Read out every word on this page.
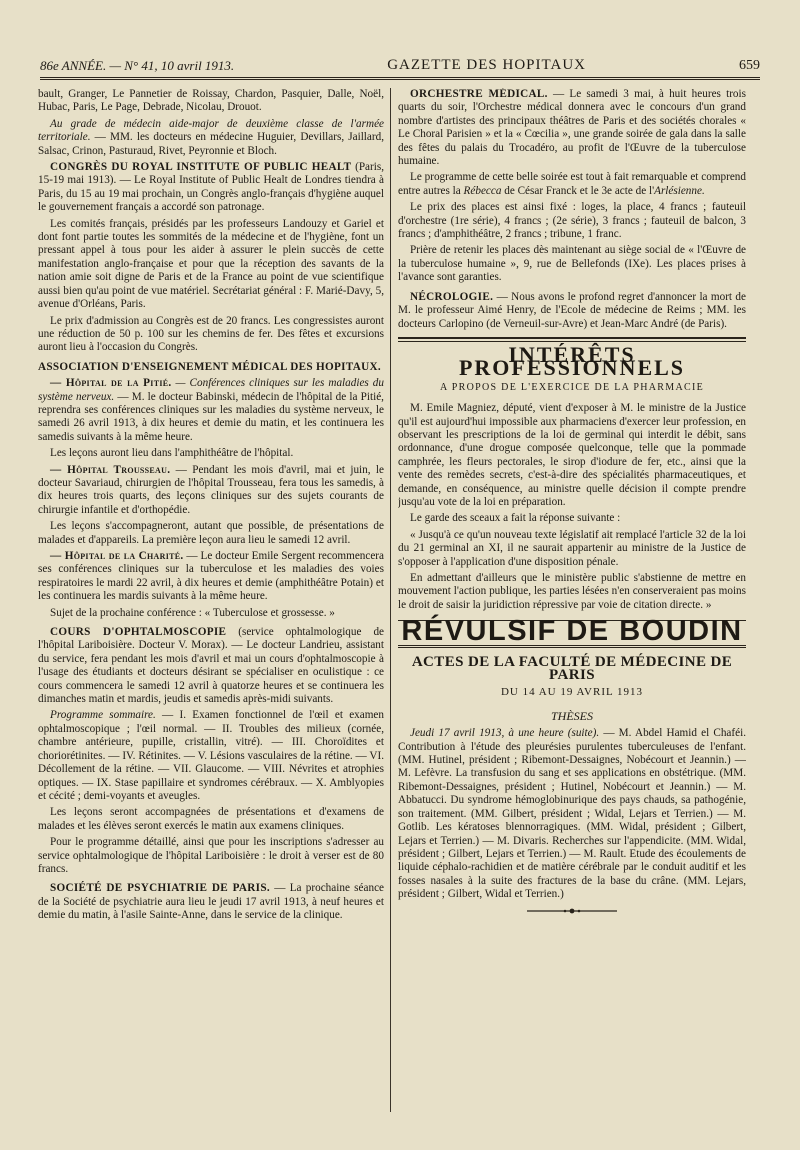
86e ANNÉE. — N° 41, 10 avril 1913.	GAZETTE DES HOPITAUX	659

bault, Granger, Le Pannetier de Roissay, Chardon, Pasquier, Dalle, Noël, Hubac, Paris, Le Page, Debrade, Nicolau, Drouot.

Au grade de médecin aide-major de deuxième classe de l'armée territoriale. — MM. les docteurs en médecine Huguier, Devillars, Jaillard, Salsac, Crinon, Pasturaud, Rivet, Peyronnie et Bloch.

CONGRÈS DU ROYAL INSTITUTE OF PUBLIC HEALT (Paris, 15-19 mai 1913). — Le Royal Institute of Public Healt de Londres tiendra à Paris, du 15 au 19 mai prochain, un Congrès anglo-français d'hygiène auquel le gouvernement français a accordé son patronage.

Les comités français, présidés par les professeurs Landouzy et Gariel et dont font partie toutes les sommités de la médecine et de l'hygiène, font un pressant appel à tous pour les aider à assurer le plein succès de cette manifestation anglo-française et pour que la réception des savants de la nation amie soit digne de Paris et de la France au point de vue scientifique aussi bien qu'au point de vue matériel. Secrétariat général : F. Marié-Davy, 5, avenue d'Orléans, Paris.

Le prix d'admission au Congrès est de 20 francs. Les congressistes auront une réduction de 50 p. 100 sur les chemins de fer. Des fêtes et excursions auront lieu à l'occasion du Congrès.

ASSOCIATION D'ENSEIGNEMENT MÉDICAL DES HOPITAUX.

— Hôpital de la Pitié. — Conférences cliniques sur les maladies du système nerveux. — M. le docteur Babinski, médecin de l'hôpital de la Pitié, reprendra ses conférences cliniques sur les maladies du système nerveux, le samedi 26 avril 1913, à dix heures et demie du matin, et les continuera les samedis suivants à la même heure.

Les leçons auront lieu dans l'amphithéâtre de l'hôpital.

— Hôpital Trousseau. — Pendant les mois d'avril, mai et juin, le docteur Savariaud, chirurgien de l'hôpital Trousseau, fera tous les samedis, à dix heures trois quarts, des leçons cliniques sur des sujets courants de chirurgie infantile et d'orthopédie.

Les leçons s'accompagneront, autant que possible, de présentations de malades et d'appareils. La première leçon aura lieu le samedi 12 avril.

— Hôpital de la Charité. — Le docteur Emile Sergent recommencera ses conférences cliniques sur la tuberculose et les maladies des voies respiratoires le mardi 22 avril, à dix heures et demie (amphithéâtre Potain) et les continuera les mardis suivants à la même heure.

Sujet de la prochaine conférence : « Tuberculose et grossesse. »

COURS D'OPHTALMOSCOPIE (service ophtalmologique de l'hôpital Lariboisière. Docteur V. Morax). — Le docteur Landrieu, assistant du service, fera pendant les mois d'avril et mai un cours d'ophtalmoscopie à l'usage des étudiants et docteurs désirant se spécialiser en oculistique : ce cours commencera le samedi 12 avril à quatorze heures et se continuera les dimanches matin et mardis, jeudis et samedis après-midi suivants.

Programme sommaire. — I. Examen fonctionnel de l'œil et examen ophtalmoscopique ; l'œil normal. — II. Troubles des milieux (cornée, chambre antérieure, pupille, cristallin, vitré). — III. Choroïdites et choriorétinites. — IV. Rétinites. — V. Lésions vasculaires de la rétine. — VI. Décollement de la rétine. — VII. Glaucome. — VIII. Névrites et atrophies optiques. — IX. Stase papillaire et syndromes cérébraux. — X. Amblyopies et cécité ; demi-voyants et aveugles.

Les leçons seront accompagnées de présentations et d'examens de malades et les élèves seront exercés le matin aux examens cliniques.

Pour le programme détaillé, ainsi que pour les inscriptions s'adresser au service ophtalmologique de l'hôpital Lariboisière : le droit à verser est de 80 francs.

SOCIÉTÉ DE PSYCHIATRIE DE PARIS. — La prochaine séance de la Société de psychiatrie aura lieu le jeudi 17 avril 1913, à neuf heures et demie du matin, à l'asile Sainte-Anne, dans le service de la clinique.

ORCHESTRE MÉDICAL. — Le samedi 3 mai, à huit heures trois quarts du soir, l'Orchestre médical donnera avec le concours d'un grand nombre d'artistes des principaux théâtres de Paris et des sociétés chorales « Le Choral Parisien » et la « Cœcilia », une grande soirée de gala dans la salle des fêtes du palais du Trocadéro, au profit de l'Œuvre de la tuberculose humaine.

Le programme de cette belle soirée est tout à fait remarquable et comprend entre autres la Rébecca de César Franck et le 3e acte de l'Arlésienne.

Le prix des places est ainsi fixé : loges, la place, 4 francs ; fauteuil d'orchestre (1re série), 4 francs ; (2e série), 3 francs ; fauteuil de balcon, 3 francs ; d'amphithéâtre, 2 francs ; tribune, 1 franc.

Prière de retenir les places dès maintenant au siège social de « l'Œuvre de la tuberculose humaine », 9, rue de Bellefonds (IXe). Les places prises à l'avance sont garanties.

NÉCROLOGIE. — Nous avons le profond regret d'annoncer la mort de M. le professeur Aimé Henry, de l'Ecole de médecine de Reims ; MM. les docteurs Carlopino (de Verneuil-sur-Avre) et Jean-Marc André (de Paris).

INTÉRÊTS PROFESSIONNELS
A PROPOS DE L'EXERCICE DE LA PHARMACIE

M. Emile Magniez, député, vient d'exposer à M. le ministre de la Justice qu'il est aujourd'hui impossible aux pharmaciens d'exercer leur profession, en observant les prescriptions de la loi de germinal qui interdit le débit, sans ordonnance, d'une drogue composée quelconque, telle que la pommade camphrée, les fleurs pectorales, le sirop d'iodure de fer, etc., ainsi que la vente des remèdes secrets, c'est-à-dire des spécialités pharmaceutiques, et demande, en conséquence, au ministre quelle décision il compte prendre jusqu'au vote de la loi en préparation.

Le garde des sceaux a fait la réponse suivante :

« Jusqu'à ce qu'un nouveau texte législatif ait remplacé l'article 32 de la loi du 21 germinal an XI, il ne saurait appartenir au ministre de la Justice de s'opposer à l'application d'une disposition pénale.

En admettant d'ailleurs que le ministère public s'abstienne de mettre en mouvement l'action publique, les parties lésées n'en conserveraient pas moins le droit de saisir la juridiction répressive par voie de citation directe. »

RÉVULSIF DE BOUDIN
ACTES DE LA FACULTÉ DE MÉDECINE DE PARIS
DU 14 AU 19 AVRIL 1913
THÈSES

Jeudi 17 avril 1913, à une heure (suite). — M. Abdel Hamid el Chaféi. Contribution à l'étude des pleurésies purulentes tuberculeuses de l'enfant. (MM. Hutinel, président ; Ribemont-Dessaignes, Nobécourt et Jeannin.) — M. Lefèvre. La transfusion du sang et ses applications en obstétrique. (MM. Ribemont-Dessaignes, président ; Hutinel, Nobécourt et Jeannin.) — M. Abbatucci. Du syndrome hémoglobinurique des pays chauds, sa pathogénie, son traitement. (MM. Gilbert, président ; Widal, Lejars et Terrien.) — M. Gotlib. Les kératoses blennorragiques. (MM. Widal, président ; Gilbert, Lejars et Terrien.) — M. Divaris. Recherches sur l'appendicite. (MM. Widal, président ; Gilbert, Lejars et Terrien.) — M. Rault. Etude des écoulements de liquide céphalo-rachidien et de matière cérébrale par le conduit auditif et les fosses nasales à la suite des fractures de la base du crâne. (MM. Lejars, président ; Gilbert, Widal et Terrien.)
